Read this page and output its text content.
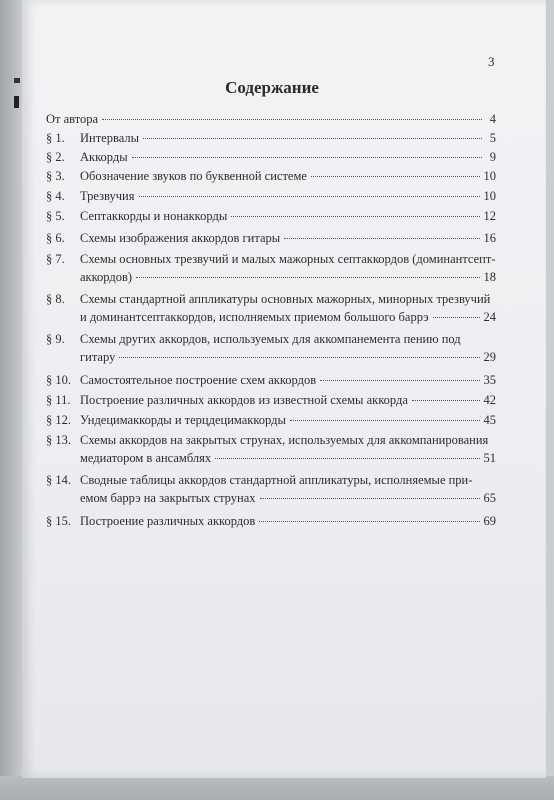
3
Содержание
От автора	4
§ 1.	Интервалы	5
§ 2.	Аккорды	9
§ 3.	Обозначение звуков по буквенной системе	10
§ 4.	Трезвучия	10
§ 5.	Септаккорды и нонаккорды	12
§ 6.	Схемы изображения аккордов гитары	16
§ 7.	Схемы основных трезвучий и малых мажорных септаккордов (доминантсепт-
аккордов)	18
§ 8.	Схемы стандартной аппликатуры основных мажорных, минорных трезвучий
и доминантсептаккордов, исполняемых приемом большого баррэ	24
§ 9.	Схемы других аккордов, используемых для аккомпанемента пению под
гитару	29
§ 10. Самостоятельное построение схем аккордов	35
§ 11. Построение различных аккордов из известной схемы аккорда	42
§ 12. Ундецимаккорды и терцдецимаккорды	45
§ 13. Схемы аккордов на закрытых струнах, используемых для аккомпанирования
медиатором в ансамблях	51
§ 14. Сводные таблицы аккордов стандартной аппликатуры, исполняемые при-
емом баррэ на закрытых струнах	65
§ 15. Построение различных аккордов	69
